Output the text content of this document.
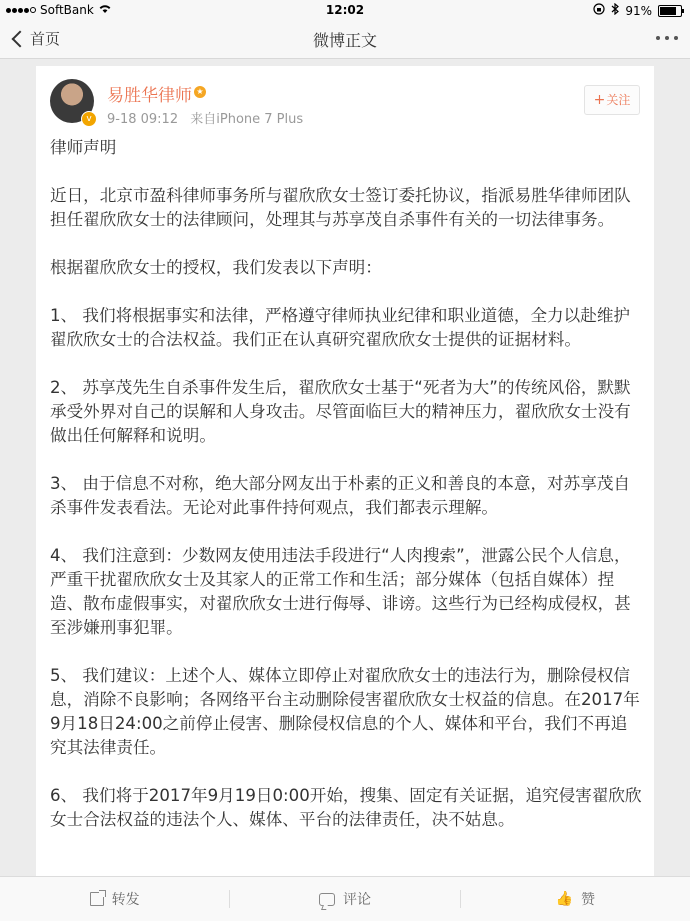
SoftBank	12:02	91%
首页	微博正文
v
易胜华律师 ★
9-18 09:12 来自iPhone 7 Plus
+关注

律师声明

近日，北京市盈科律师事务所与翟欣欣女士签订委托协议，指派易胜华律师团队担任翟欣欣女士的法律顾问，处理其与苏享茂自杀事件有关的一切法律事务。

根据翟欣欣女士的授权，我们发表以下声明：

1、 我们将根据事实和法律，严格遵守律师执业纪律和职业道德，全力以赴维护翟欣欣女士的合法权益。我们正在认真研究翟欣欣女士提供的证据材料。

2、 苏享茂先生自杀事件发生后，翟欣欣女士基于“死者为大”的传统风俗，默默承受外界对自己的误解和人身攻击。尽管面临巨大的精神压力，翟欣欣女士没有做出任何解释和说明。

3、 由于信息不对称，绝大部分网友出于朴素的正义和善良的本意，对苏享茂自杀事件发表看法。无论对此事件持何观点，我们都表示理解。

4、 我们注意到：少数网友使用违法手段进行“人肉搜索”，泄露公民个人信息，严重干扰翟欣欣女士及其家人的正常工作和生活；部分媒体（包括自媒体）捏造、散布虚假事实，对翟欣欣女士进行侮辱、诽谤。这些行为已经构成侵权，甚至涉嫌刑事犯罪。

5、 我们建议：上述个人、媒体立即停止对翟欣欣女士的违法行为，删除侵权信息，消除不良影响；各网络平台主动删除侵害翟欣欣女士权益的信息。在2017年9月18日24:00之前停止侵害、删除侵权信息的个人、媒体和平台，我们不再追究其法律责任。

6、 我们将于2017年9月19日0:00开始，搜集、固定有关证据，追究侵害翟欣欣女士合法权益的违法个人、媒体、平台的法律责任，决不姑息。

转发	评论	👍 赞
